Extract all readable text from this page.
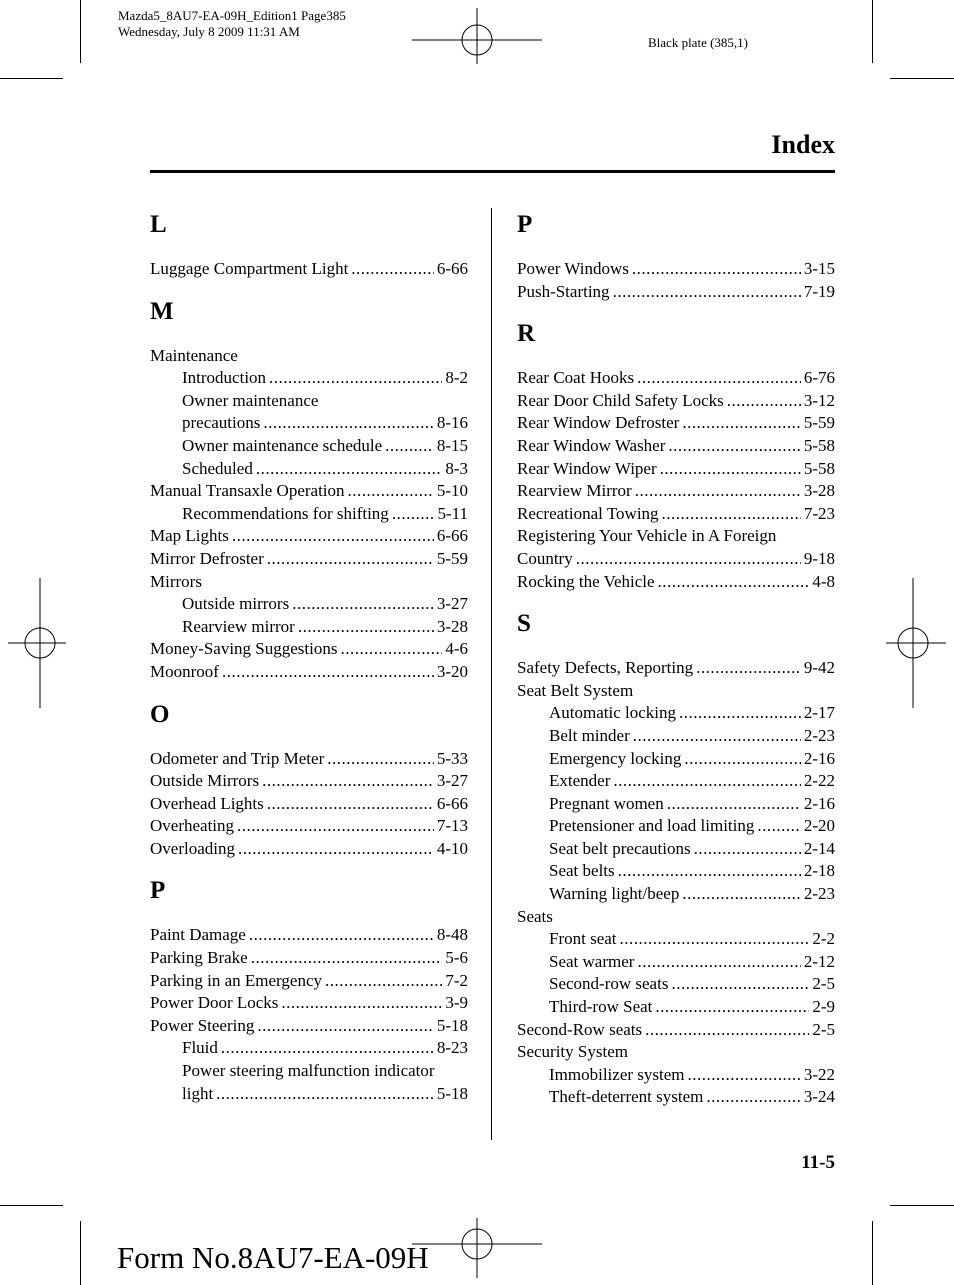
Mazda5_8AU7-EA-09H_Edition1 Page385
Wednesday, July 8 2009 11:31 AM
Black plate (385,1)
Index
L
Luggage Compartment Light .....	6-66
M
Maintenance
Introduction .....	8-2
Owner maintenance
precautions .....	8-16
Owner maintenance schedule .....	8-15
Scheduled .....	8-3
Manual Transaxle Operation .....	5-10
Recommendations for shifting .....	5-11
Map Lights .....	6-66
Mirror Defroster .....	5-59
Mirrors
Outside mirrors .....	3-27
Rearview mirror .....	3-28
Money-Saving Suggestions .....	4-6
Moonroof .....	3-20
O
Odometer and Trip Meter .....	5-33
Outside Mirrors .....	3-27
Overhead Lights .....	6-66
Overheating .....	7-13
Overloading .....	4-10
P
Paint Damage .....	8-48
Parking Brake .....	5-6
Parking in an Emergency .....	7-2
Power Door Locks .....	3-9
Power Steering .....	5-18
Fluid .....	8-23
Power steering malfunction indicator
light .....	5-18
P
Power Windows .....	3-15
Push-Starting .....	7-19
R
Rear Coat Hooks .....	6-76
Rear Door Child Safety Locks .....	3-12
Rear Window Defroster .....	5-59
Rear Window Washer .....	5-58
Rear Window Wiper .....	5-58
Rearview Mirror .....	3-28
Recreational Towing .....	7-23
Registering Your Vehicle in A Foreign
Country .....	9-18
Rocking the Vehicle .....	4-8
S
Safety Defects, Reporting .....	9-42
Seat Belt System
Automatic locking .....	2-17
Belt minder .....	2-23
Emergency locking .....	2-16
Extender .....	2-22
Pregnant women .....	2-16
Pretensioner and load limiting .....	2-20
Seat belt precautions .....	2-14
Seat belts .....	2-18
Warning light/beep .....	2-23
Seats
Front seat .....	2-2
Seat warmer .....	2-12
Second-row seats .....	2-5
Third-row Seat .....	2-9
Second-Row seats .....	2-5
Security System
Immobilizer system .....	3-22
Theft-deterrent system .....	3-24
11-5
Form No.8AU7-EA-09H
